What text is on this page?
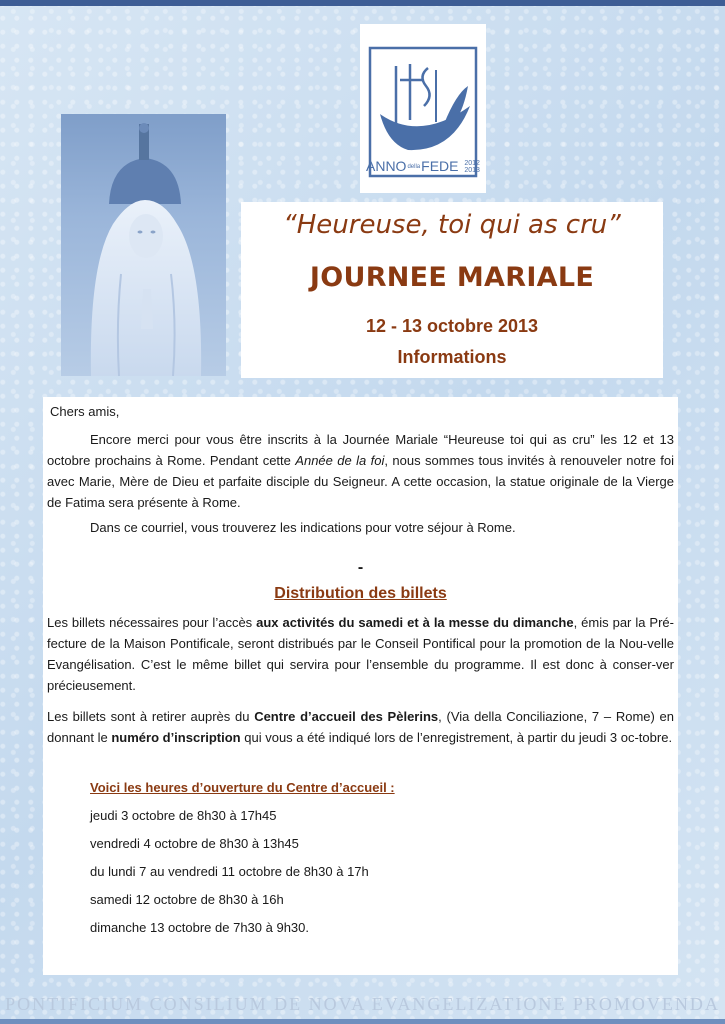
ANNOdellaFEDE 2012
2013
“Heureuse, toi qui as cru”
JOURNEE MARIALE
12 - 13 octobre 2013
Informations
Chers amis,
Encore merci pour vous être inscrits à la Journée Mariale “Heureuse toi qui as cru” les 12 et 13 octobre prochains à Rome. Pendant cette Année de la foi, nous sommes tous invités à renouveler notre foi avec Marie, Mère de Dieu et parfaite disciple du Seigneur. A cette occasion, la statue originale de la Vierge de Fatima sera présente à Rome.
Dans ce courriel, vous trouverez les indications pour votre séjour à Rome.
-
Distribution des billets
Les billets nécessaires pour l’accès aux activités du samedi et à la messe du dimanche, émis par la Pré-fecture de la Maison Pontificale, seront distribués par le Conseil Pontifical pour la promotion de la Nou-velle Evangélisation. C’est le même billet qui servira pour l’ensemble du programme. Il est donc à conser-ver précieusement.
Les billets sont à retirer auprès du Centre d’accueil des Pèlerins, (Via della Conciliazione, 7 – Rome) en donnant le numéro d’inscription qui vous a été indiqué lors de l’enregistrement, à partir du jeudi 3 oc-tobre.
Voici les heures d’ouverture du Centre d’accueil :
jeudi 3 octobre de 8h30 à 17h45
vendredi 4 octobre de 8h30 à 13h45
du lundi 7 au vendredi 11 octobre de 8h30 à 17h
samedi 12 octobre de 8h30 à 16h
dimanche 13 octobre de 7h30 à 9h30.
PONTIFICIUM CONSILIUM DE NOVA EVANGELIZATIONE PROMOVENDA
